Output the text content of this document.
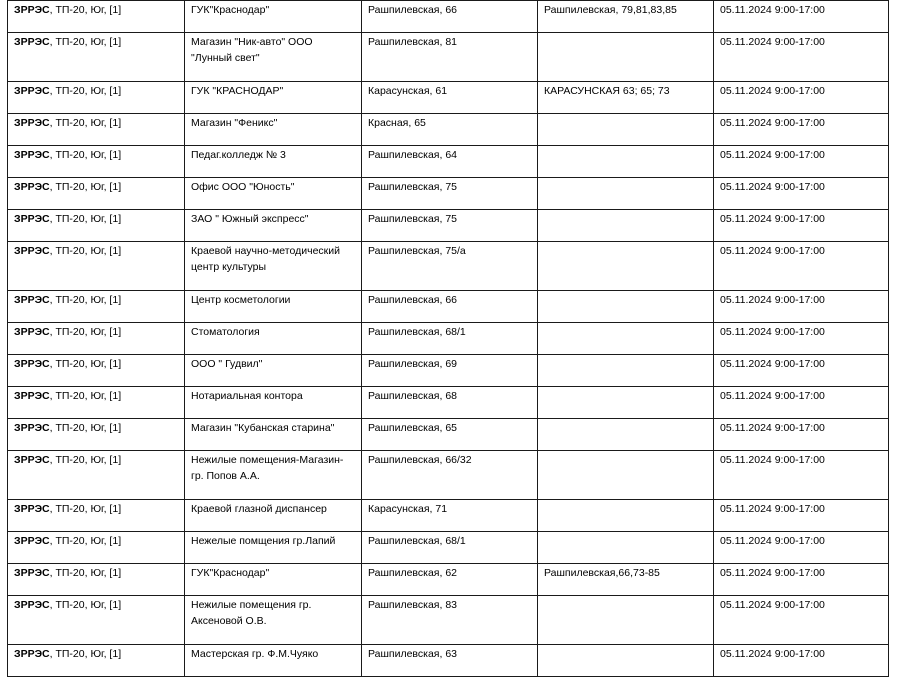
ЗРРЭС, ТП-20, Юг, [1]	ГУК"Краснодар"	Рашпилевская, 66	Рашпилевская, 79,81,83,85	05.11.2024 9:00-17:00
ЗРРЭС, ТП-20, Юг, [1]	Магазин "Ник-авто" ООО "Лунный свет"	Рашпилевская, 81		05.11.2024 9:00-17:00
ЗРРЭС, ТП-20, Юг, [1]	ГУК "КРАСНОДАР"	Карасунская, 61	КАРАСУНСКАЯ 63; 65; 73	05.11.2024 9:00-17:00
ЗРРЭС, ТП-20, Юг, [1]	Магазин "Феникс"	Красная, 65		05.11.2024 9:00-17:00
ЗРРЭС, ТП-20, Юг, [1]	Педаг.колледж № 3	Рашпилевская, 64		05.11.2024 9:00-17:00
ЗРРЭС, ТП-20, Юг, [1]	Офис ООО "Юность"	Рашпилевская, 75		05.11.2024 9:00-17:00
ЗРРЭС, ТП-20, Юг, [1]	ЗАО " Южный экспресс"	Рашпилевская, 75		05.11.2024 9:00-17:00
ЗРРЭС, ТП-20, Юг, [1]	Краевой научно-методический центр культуры	Рашпилевская, 75/а		05.11.2024 9:00-17:00
ЗРРЭС, ТП-20, Юг, [1]	Центр косметологии	Рашпилевская, 66		05.11.2024 9:00-17:00
ЗРРЭС, ТП-20, Юг, [1]	Стоматология	Рашпилевская, 68/1		05.11.2024 9:00-17:00
ЗРРЭС, ТП-20, Юг, [1]	ООО " Гудвил"	Рашпилевская, 69		05.11.2024 9:00-17:00
ЗРРЭС, ТП-20, Юг, [1]	Нотариальная контора	Рашпилевская, 68		05.11.2024 9:00-17:00
ЗРРЭС, ТП-20, Юг, [1]	Магазин "Кубанская старина"	Рашпилевская, 65		05.11.2024 9:00-17:00
ЗРРЭС, ТП-20, Юг, [1]	Нежилые помещения-Магазин-гр. Попов А.А.	Рашпилевская, 66/32		05.11.2024 9:00-17:00
ЗРРЭС, ТП-20, Юг, [1]	Краевой глазной диспансер	Карасунская, 71		05.11.2024 9:00-17:00
ЗРРЭС, ТП-20, Юг, [1]	Нежелые помщения гр.Лапий	Рашпилевская, 68/1		05.11.2024 9:00-17:00
ЗРРЭС, ТП-20, Юг, [1]	ГУК"Краснодар"	Рашпилевская, 62	Рашпилевская,66,73-85	05.11.2024 9:00-17:00
ЗРРЭС, ТП-20, Юг, [1]	Нежилые помещения гр. Аксеновой О.В.	Рашпилевская, 83		05.11.2024 9:00-17:00
ЗРРЭС, ТП-20, Юг, [1]	Мастерская гр. Ф.М.Чуяко	Рашпилевская, 63		05.11.2024 9:00-17:00
